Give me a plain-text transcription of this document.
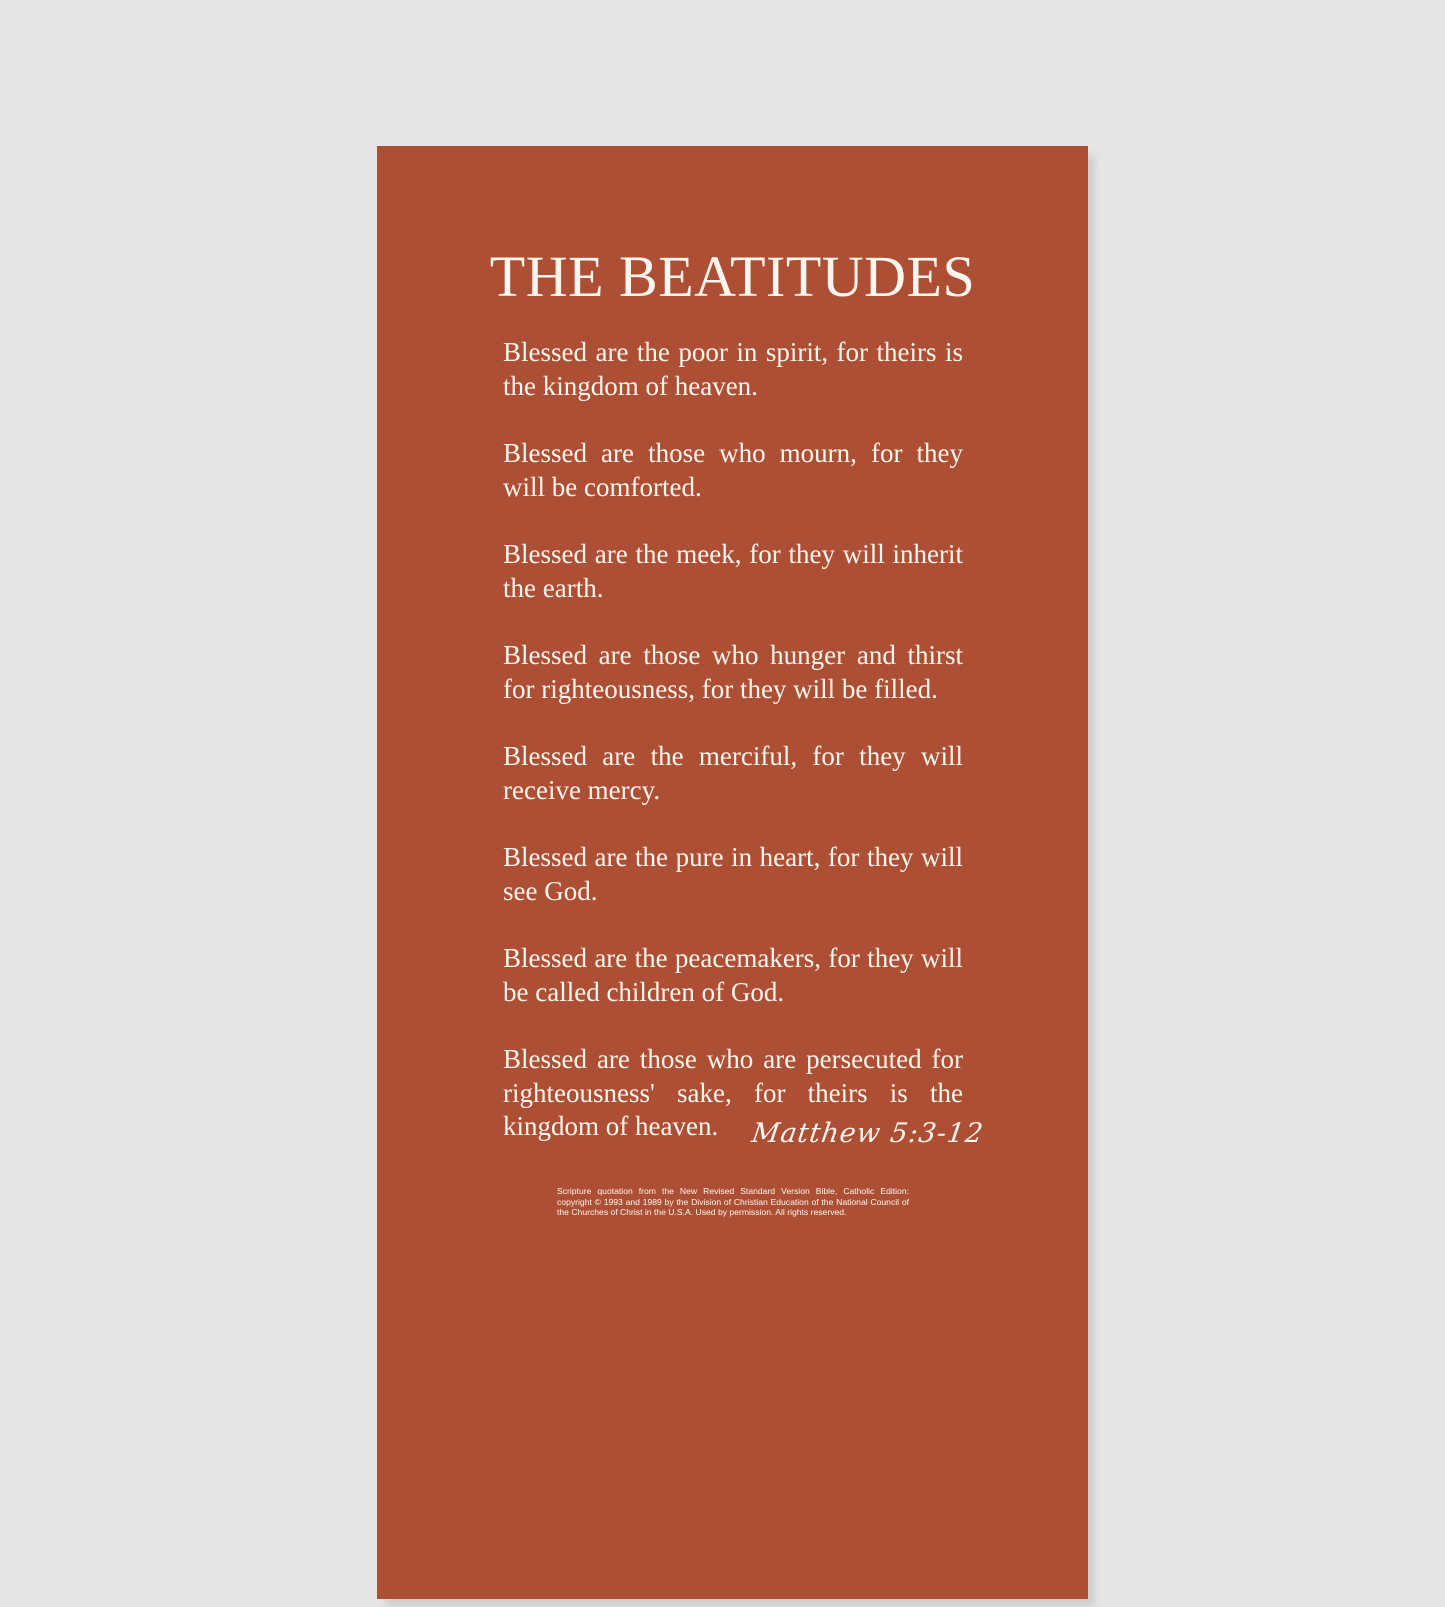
THE BEATITUDES

Blessed are the poor in spirit, for theirs is the kingdom of heaven.

Blessed are those who mourn, for they will be comforted.

Blessed are the meek, for they will inherit the earth.

Blessed are those who hunger and thirst for righteousness, for they will be filled.

Blessed are the merciful, for they will receive mercy.

Blessed are the pure in heart, for they will see God.

Blessed are the peacemakers, for they will be called children of God.

Blessed are those who are persecuted for righteousness' sake, for theirs is the kingdom of heaven.	Matthew 5:3-12
Scripture quotation from the New Revised Standard Version Bible, Catholic Edition: copyright © 1993 and 1989 by the Division of Christian Education of the National Council of the Churches of Christ in the U.S.A. Used by permission. All rights reserved.
